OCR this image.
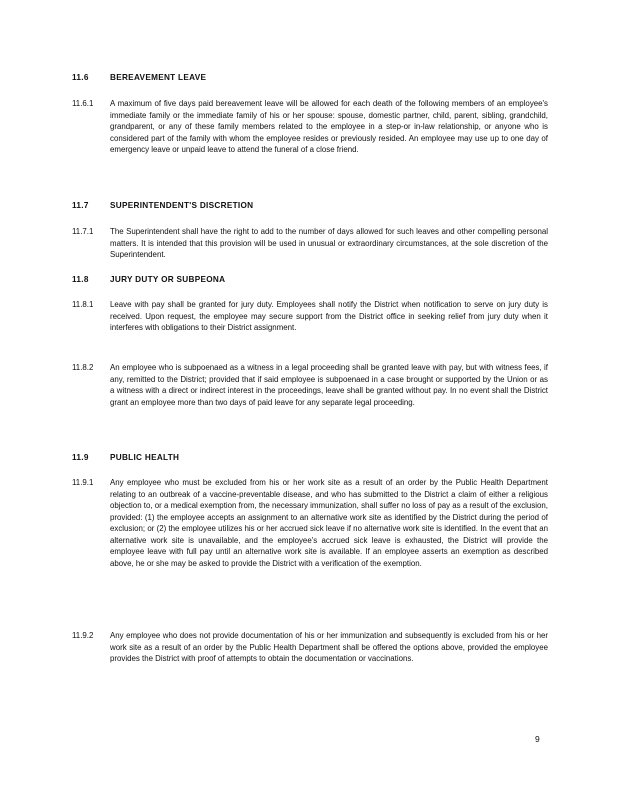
11.6	BEREAVEMENT LEAVE
11.6.1 A maximum of five days paid bereavement leave will be allowed for each death of the following members of an employee's immediate family or the immediate family of his or her spouse: spouse, domestic partner, child, parent, sibling, grandchild, grandparent, or any of these family members related to the employee in a step-or in-law relationship, or anyone who is considered part of the family with whom the employee resides or previously resided. An employee may use up to one day of emergency leave or unpaid leave to attend the funeral of a close friend.
11.7	SUPERINTENDENT'S DISCRETION
11.7.1 The Superintendent shall have the right to add to the number of days allowed for such leaves and other compelling personal matters. It is intended that this provision will be used in unusual or extraordinary circumstances, at the sole discretion of the Superintendent.
11.8	JURY DUTY OR SUBPEONA
11.8.1 Leave with pay shall be granted for jury duty. Employees shall notify the District when notification to serve on jury duty is received. Upon request, the employee may secure support from the District office in seeking relief from jury duty when it interferes with obligations to their District assignment.
11.8.2 An employee who is subpoenaed as a witness in a legal proceeding shall be granted leave with pay, but with witness fees, if any, remitted to the District; provided that if said employee is subpoenaed in a case brought or supported by the Union or as a witness with a direct or indirect interest in the proceedings, leave shall be granted without pay. In no event shall the District grant an employee more than two days of paid leave for any separate legal proceeding.
11.9	PUBLIC HEALTH
11.9.1 Any employee who must be excluded from his or her work site as a result of an order by the Public Health Department relating to an outbreak of a vaccine-preventable disease, and who has submitted to the District a claim of either a religious objection to, or a medical exemption from, the necessary immunization, shall suffer no loss of pay as a result of the exclusion, provided: (1) the employee accepts an assignment to an alternative work site as identified by the District during the period of exclusion; or (2) the employee utilizes his or her accrued sick leave if no alternative work site is identified. In the event that an alternative work site is unavailable, and the employee's accrued sick leave is exhausted, the District will provide the employee leave with full pay until an alternative work site is available. If an employee asserts an exemption as described above, he or she may be asked to provide the District with a verification of the exemption.
11.9.2 Any employee who does not provide documentation of his or her immunization and subsequently is excluded from his or her work site as a result of an order by the Public Health Department shall be offered the options above, provided the employee provides the District with proof of attempts to obtain the documentation or vaccinations.
9
